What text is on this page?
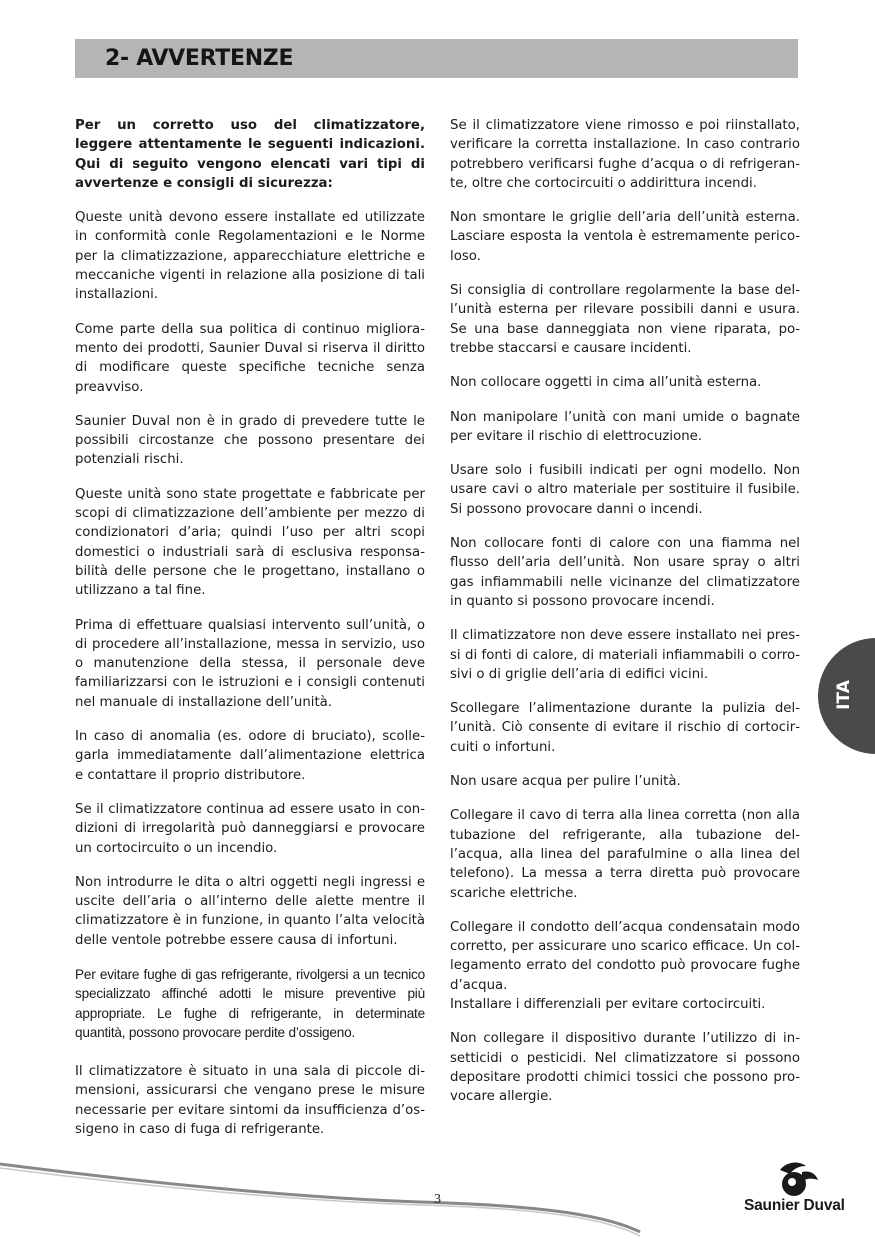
2- AVVERTENZE

Per un corretto uso del climatizzatore, leggere attentamente le seguenti indicazioni. Qui di seguito vengono elencati vari tipi di avvertenze e consigli di sicurezza:

Queste unità devono essere installate ed utilizzate in conformità conle Regolamentazioni e le Norme per la climatizzazione, apparecchiature elettriche e meccaniche vigenti in relazione alla posizione di tali installazioni.

Come parte della sua politica di continuo miglioramento dei prodotti, Saunier Duval si riserva il diritto di modificare queste specifiche tecniche senza preavviso.

Saunier Duval non è in grado di prevedere tutte le possibili circostanze che possono presentare dei potenziali rischi.

Queste unità sono state progettate e fabbricate per scopi di climatizzazione dell’ambiente per mezzo di condizionatori d’aria; quindi l’uso per altri scopi domestici o industriali sarà di esclusiva responsabilità delle persone che le progettano, installano o utilizzano a tal fine.

Prima di effettuare qualsiasi intervento sull’unità, o di procedere all’installazione, messa in servizio, uso o manutenzione della stessa, il personale deve familiarizzarsi con le istruzioni e i consigli contenuti nel manuale di installazione dell’unità.

In caso di anomalia (es. odore di bruciato), scollegarla immediatamente dall’alimentazione elettrica e contattare il proprio distributore.

Se il climatizzatore continua ad essere usato in condizioni di irregolarità può danneggiarsi e provocare un cortocircuito o un incendio.

Non introdurre le dita o altri oggetti negli ingressi e uscite dell’aria o all’interno delle alette mentre il climatizzatore è in funzione, in quanto l’alta velocità delle ventole potrebbe essere causa di infortuni.

Per evitare fughe di gas refrigerante, rivolgersi a un tecnico specializzato affinché adotti le misure preventive più appropriate. Le fughe di refrigerante, in determinate quantità, possono provocare perdite d’ossigeno.

Il climatizzatore è situato in una sala di piccole dimensioni, assicurarsi che vengano prese le misure necessarie per evitare sintomi da insufficienza d’ossigeno in caso di fuga di refrigerante.

Se il climatizzatore viene rimosso e poi riinstallato, verificare la corretta installazione. In caso contrario potrebbero verificarsi fughe d’acqua o di refrigerante, oltre che cortocircuiti o addirittura incendi.

Non smontare le griglie dell’aria dell’unità esterna. Lasciare esposta la ventola è estremamente pericoloso.

Si consiglia di controllare regolarmente la base dell’unità esterna per rilevare possibili danni e usura. Se una base danneggiata non viene riparata, potrebbe staccarsi e causare incidenti.

Non collocare oggetti in cima all’unità esterna.

Non manipolare l’unità con mani umide o bagnate per evitare il rischio di elettrocuzione.

Usare solo i fusibili indicati per ogni modello. Non usare cavi o altro materiale per sostituire il fusibile. Si possono provocare danni o incendi.

Non collocare fonti di calore con una fiamma nel flusso dell’aria dell’unità. Non usare spray o altri gas infiammabili nelle vicinanze del climatizzatore in quanto si possono provocare incendi.

Il climatizzatore non deve essere installato nei pressi di fonti di calore, di materiali infiammabili o corrosivi o di griglie dell’aria di edifici vicini.

Scollegare l’alimentazione durante la pulizia dell’unità. Ciò consente di evitare il rischio di cortocircuiti o infortuni.

Non usare acqua per pulire l’unità.

Collegare il cavo di terra alla linea corretta (non alla tubazione del refrigerante, alla tubazione dell’acqua, alla linea del parafulmine o alla linea del telefono). La messa a terra diretta può provocare scariche elettriche.

Collegare il condotto dell’acqua condensatain modo corretto, per assicurare uno scarico efficace. Un collegamento errato del condotto può provocare fughe d’acqua.

Installare i differenziali per evitare cortocircuiti.

Non collegare il dispositivo durante l’utilizzo di insetticidi o pesticidi. Nel climatizzatore si possono depositare prodotti chimici tossici che possono provocare allergie.

ITA
3	Saunier Duval
